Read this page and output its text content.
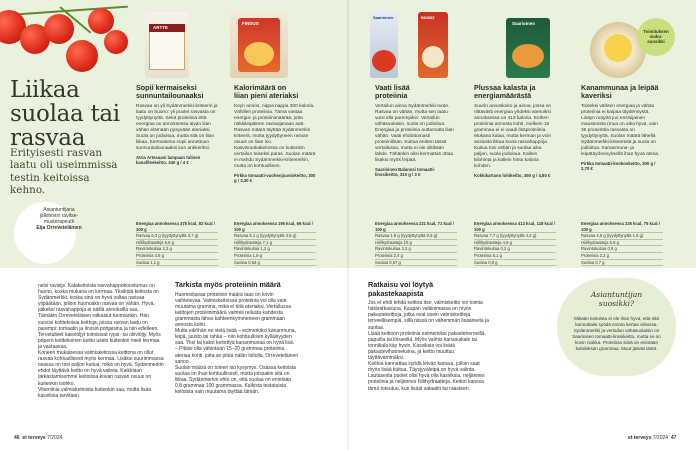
Liikaa
suolaa tai
rasvaa
Erityisesti rasvan laatu oli useimmissa testin keitoissa kehno.
Asiantuntijana jälkitestin ravitse- musterapeutti
Eija Orreveteläinen
ARTTE
FINDUS
Saarioinen	BIOBIZ
Saarioinen
Toimituksen
maku-
suosikki
Sopii kermaiseksi
sunnuntailounaaksi
Rasvaa on yli Sydänmerkki-kriteerin ja laatu on huono: yli puolet rasvasta on tyydyttynyttä. Sekä proteiinia että energiaa on annoksessa aivan liian vähän elämään pysyvään ateriaksi. Suola on jodioitua, mutta sitä on liian liikaa. Kermaisena sopii annettuun sunnuntailounaaksi kun ankkeriksi.
Atria Artesaani lampaan tulinen kanaflleekeitto, 340 g / 4 €
Kalorimäärä on
liian pieni ateriaksi
Keyn annos, nippa nappa 300 kaloria. Vähillen proteiinia. Tämä vastaa energia- ja proteiinimäärää, jotta näkkileipäinen ravisaijanaan aatt. Rasvan määrä täyttää Sydänmerkin kriteerit, mutta tyydyttyneen rasvan osuus on liian iso. Kasvisruokakeitossa on kuitenkin vertailun toiseksi paras. Suolan määrä ei mahdu Sydänmerkki-kriteereihin, mutta on kohtuullinen.
Pirkka tomaatti-vuohenjuustokeitto, 300 g / 3,30 €
Vaati lisää
proteiinia
Vertailun ainoa Sydänmerkki-tuote. Rasvaa on vähän, mutta sen laatu voisi olla parempikin. Vertailun vähäsuolaisin, suola on jodioitua. Energiaa ja proteiinia auttamatta liian vähän. Vaati ehdottomasti proteiinilisän. Kuitua enitten tässä vertailussa, mutta ei ole siltikään lähde. Tähänkin olisi kermattas ottaa lisäksi myös leipää.
Saarioinen Balanssi tomaatti-linssikeitto, 310 g / 3 €
Plussaa kalasta ja
energiamäärästä
Suurin annoskoko ja ainoa, jossa on riittävästi energiaa yhdeksi aterioiksi annoksessa on 413 kaloria. Enihen proteiinia annosta kohti, melkein 18 grammaa ei ei vaadi lisäproteiinia. Mukana kalaa, mutta kerman ja voin ansiosta liikaa kovia rasvahappoja. Kuitua tosi vähän ja suolaa aika paljon, suola jodioitua. Kallein kilohinta ja kallein hinta kaloria kohden.
Kokkikartano lohikeitto, 350 g / 4,80 €
Kanammunaa ja leipää
kaveriksi
Toiseksi vähiten energiaa ja vähän proteiinia ei kaipaa täydennystä. Lisäyn ruoyöä juo ensisijainen mausteosta (mua on aika hyvä, vain 35 prosenttia rasvasta on tyydyttynyttä. Suolan määrä lähellä Sydänmerkki-kriteereitä ja suola on jodioitua. Kananmuna- ja leipätäydennyksellä ihan hyvä ateria.
Pirkka tomaatti-kookoskeitto, 300 g / 2,70 €
Energiaa annoksessa 375 kcal, 82 kcal / 100 g
Rasvaa 6,3 g (tyydyttynyttä 3,7 g)
Hiilihydraatteja 6,6 g
Ravintokuitua 2,3 g
Proteiinia 4,6 g
Suolaa 1,1 g
Energiaa annoksessa 195 kcal, 66 kcal / 100 g
Rasvaa 5,1 g (tyydyttynyttä 3,5 g)
Hiilihydraatteja 7,1 g
Ravintokuitua 1,2 g
Proteiinia 1,9 g
Suolaa 0,63 g
Energiaa annoksessa 221 kcal, 71 kcal / 100 g
Rasvaa 1,9 g (tyydyttynyttä 0,5 g)
Hiilihydraatteja 10 g
Ravintokuitua 3,3 g
Proteiinia 2,4 g
Suolaa 0,57 g
Energiaa annoksessa 413 kcal, 118 kcal / 100 g
Rasvaa 7,7 g (tyydyttynyttä 4,2 g)
Hiilihydraatteja 4,6 g
Ravintokuitua 0,2 g
Proteiinia 5,1 g
Suolaa 0,9 g
Energiaa annoksessa 225 kcal, 75 kcal / 100 g
Rasvaa 4,6 g (tyydyttynyttä 1,6 g)
Hiilihydraatteja 6,8 g
Ravintokuitua 0,8 g
Proteiinia 2,2 g
Suolaa 0,7 g

nelsi ravisijs. Kalakeitoista ravvahappokoostumus on huono, koska mukana on kermaa. Yksikolä keitosta on Sydänmerkki, koska sinä on hyvä valtaa ravisaa ylipäätään, jolloin huonoakin rasvaa on vähän. Hyvä, jatkeksi rasvahappoja ei näillä annoksilla saa.
Tämäkin Orreveteläisen ratkaisut tuomiankin. Hän suosisi kotitekoisia keittoja, joissa rasvan laatu on parempi: tomaatin ja linssin pohjaisina ja niin edelleen. Tervetulleet kasviöljyt toimisivat rypsi- tai oliiviöljy. Myös pöperö kotitekoinen keitto usein kuitenkin mieti kermaa ja vastaavaa.
Koneen mukaisessa valmiskeitossa keittona on ollut rasvaa kohtuullisesti myös kermaa. Lisäksi suurimmassa osassa on tosi paljon kuitua, mikä on hyvä. Sydänmerkin ehdot täyttävä keitto on hyvä valinta. Kaikkiaan tarkastamisemme keitoissa kovan rasvan osuus on kuitenkin isohko.
Vitamiinia valmiskeitoista kuitenkin saa, mutta lisää kasviksia tarvitaan.

Tarkista myös proteiinin määrä

Huomioitavaa proteiinin määrä taas on kovin vaihtelevaa. Valmiskeitoissa proteiinia voi olla vain muutama gramma, mikä ei riitä ateriaksi. Vertailussa keittojen proteiinimäärä vaihteli reilusta kahdesta grammasta lähes kahteenkymmeneen grammaan annosta kohti.
Mutta eiköhän ne vielä lisää – esimerkiksi kananmuna, leipä, juusto tai rahka – niin kohtuullisen kylläisyyden saa. Yksi tai kaksi keitettyä kananmunaa on hyvä lisä.
– Pitäisi olla vähintään 15–20 grammaa proteiinia ateriaa kohti, jotta se pitää nälän loitolla, Orreveteläinen sanoo.
Suolan määrä on toinen iso kysymys. Osassa keitoista suolaa on ihan kohtuullisesti, mutta joissakin sitä on liikaa. Sydänmerkin ehto on, että suolaa on enintään 0,8 grammaa 100 grammassa. Kaikista testatuista keitoista vain muutama täyttää tämän.

Ratkaisu voi löytyä pakastekaapista

Jos et ehdi tehdä keittoa itse, valmiskeitto voi toimia hätäratkaisuna. Kaupan valikoimassa on myös pakastekeittoja, jotka ovat usein valmiskeittoja terveellisempiä, sillä niissä on vähemmän lisäaineita ja suolaa.
Lisää keittoon proteiinia esimerkiksi pakasteherneillä, papuilla tai linsseillä. Myös valmis kanasuikale tai tonnikala käy hyvin. Kasviksia voi lisätä pakastevihanneksina, ja keitto muuttuu täyttävämmäksi.
Keittoa kannattaa syödä leivän kanssa, jolloin saat myös lisää kuitua. Täysjyväleipä on hyvä valinta.
Lautasesta puolet olisi hyvä olla kasviksia, neljännes proteiinia ja neljännes hiilihydraatteja. Keiton kanssa tämä toteutuu, kun lisäät salaatin tai raasteen.

Asiantuntijan
suosikki?
Mikään keitoista ei ole ihan hyvä, että sitä kannattaisi syödä monta kertaa viikossa. Sydänmerkki ja vertailun vähäsuolaisin on Saarioisen tomaatti-linssikeitto, mutta se on kovin niukka. Proteiinia siinä on enintään kahdeksan grammaa. Muut jäävät tästä.
46 et terveys 7/2024	et terveys 7/2024 47
